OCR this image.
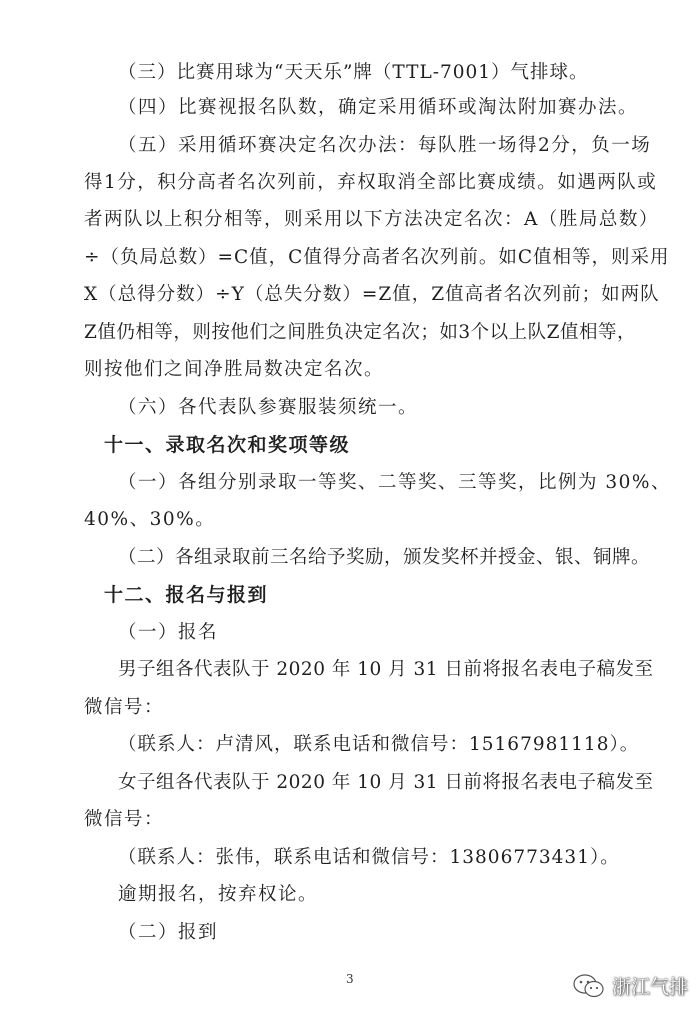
（三）比赛用球为“天天乐”牌（TTL-7001）气排球。
（四）比赛视报名队数，确定采用循环或淘汰附加赛办法。
（五）采用循环赛决定名次办法：每队胜一场得2分，负一场
得1分，积分高者名次列前，弃权取消全部比赛成绩。如遇两队或
者两队以上积分相等，则采用以下方法决定名次：A（胜局总数）
÷（负局总数）=C值，C值得分高者名次列前。如C值相等，则采用
X（总得分数）÷Y（总失分数）=Z值，Z值高者名次列前；如两队
Z值仍相等，则按他们之间胜负决定名次；如3个以上队Z值相等，
则按他们之间净胜局数决定名次。
（六）各代表队参赛服装须统一。
十一、录取名次和奖项等级
（一）各组分别录取一等奖、二等奖、三等奖，比例为 30%、
40%、30%。
（二）各组录取前三名给予奖励，颁发奖杯并授金、银、铜牌。
十二、报名与报到
（一）报名
男子组各代表队于 2020 年 10 月 31 日前将报名表电子稿发至
微信号：
（联系人：卢清风，联系电话和微信号：15167981118）。
女子组各代表队于 2020 年 10 月 31 日前将报名表电子稿发至
微信号：
（联系人：张伟，联系电话和微信号：13806773431）。
逾期报名，按弃权论。
（二）报到
3	浙江气排
